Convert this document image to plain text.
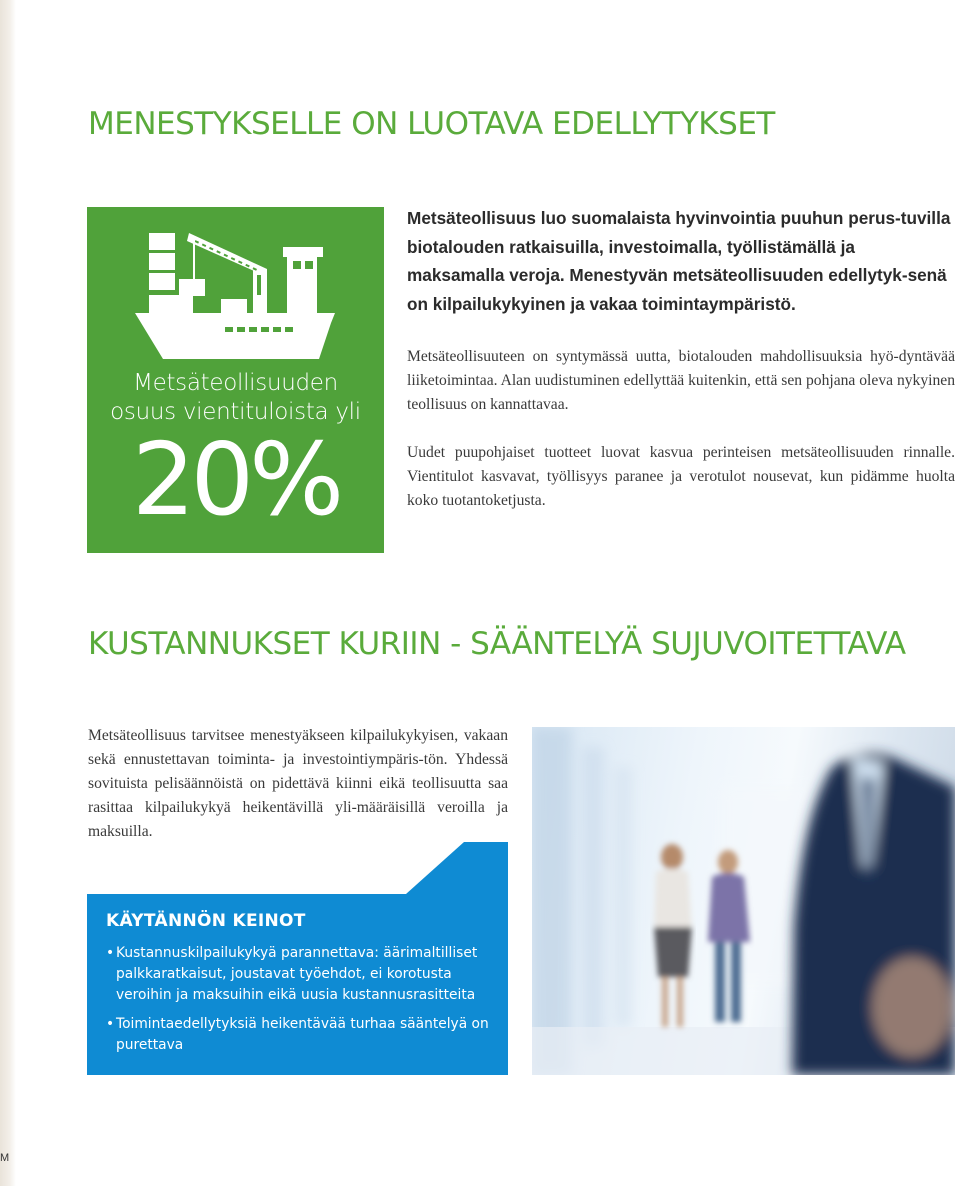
M
MENESTYKSELLE ON LUOTAVA EDELLYTYKSET
Metsäteollisuuden
osuus vientituloista yli
20%

Metsäteollisuus luo suomalaista hyvinvointia puuhun perus-tuvilla biotalouden ratkaisuilla, investoimalla, työllistämällä ja maksamalla veroja. Menestyvän metsäteollisuuden edellytyk-senä on kilpailukykyinen ja vakaa toimintaympäristö.

Metsäteollisuuteen on syntymässä uutta, biotalouden mahdollisuuksia hyö-dyntävää liiketoimintaa. Alan uudistuminen edellyttää kuitenkin, että sen pohjana oleva nykyinen teollisuus on kannattavaa.

Uudet puupohjaiset tuotteet luovat kasvua perinteisen metsäteollisuuden rinnalle. Vientitulot kasvavat, työllisyys paranee ja verotulot nousevat, kun pidämme huolta koko tuotantoketjusta.

KUSTANNUKSET KURIIN - SÄÄNTELYÄ SUJUVOITETTAVA

Metsäteollisuus tarvitsee menestyäkseen kilpailukykyisen, vakaan sekä ennustettavan toiminta- ja investointiympäris-tön. Yhdessä sovituista pelisäännöistä on pidettävä kiinni eikä teollisuutta saa rasittaa kilpailukykyä heikentävillä yli-määräisillä veroilla ja maksuilla.

KÄYTÄNNÖN KEINOT
• Kustannuskilpailukykyä parannettava: äärimaltilliset palkkaratkaisut, joustavat työehdot, ei korotusta veroihin ja maksuihin eikä uusia kustannusrasitteita
• Toimintaedellytyksiä heikentävää turhaa sääntelyä on purettava
